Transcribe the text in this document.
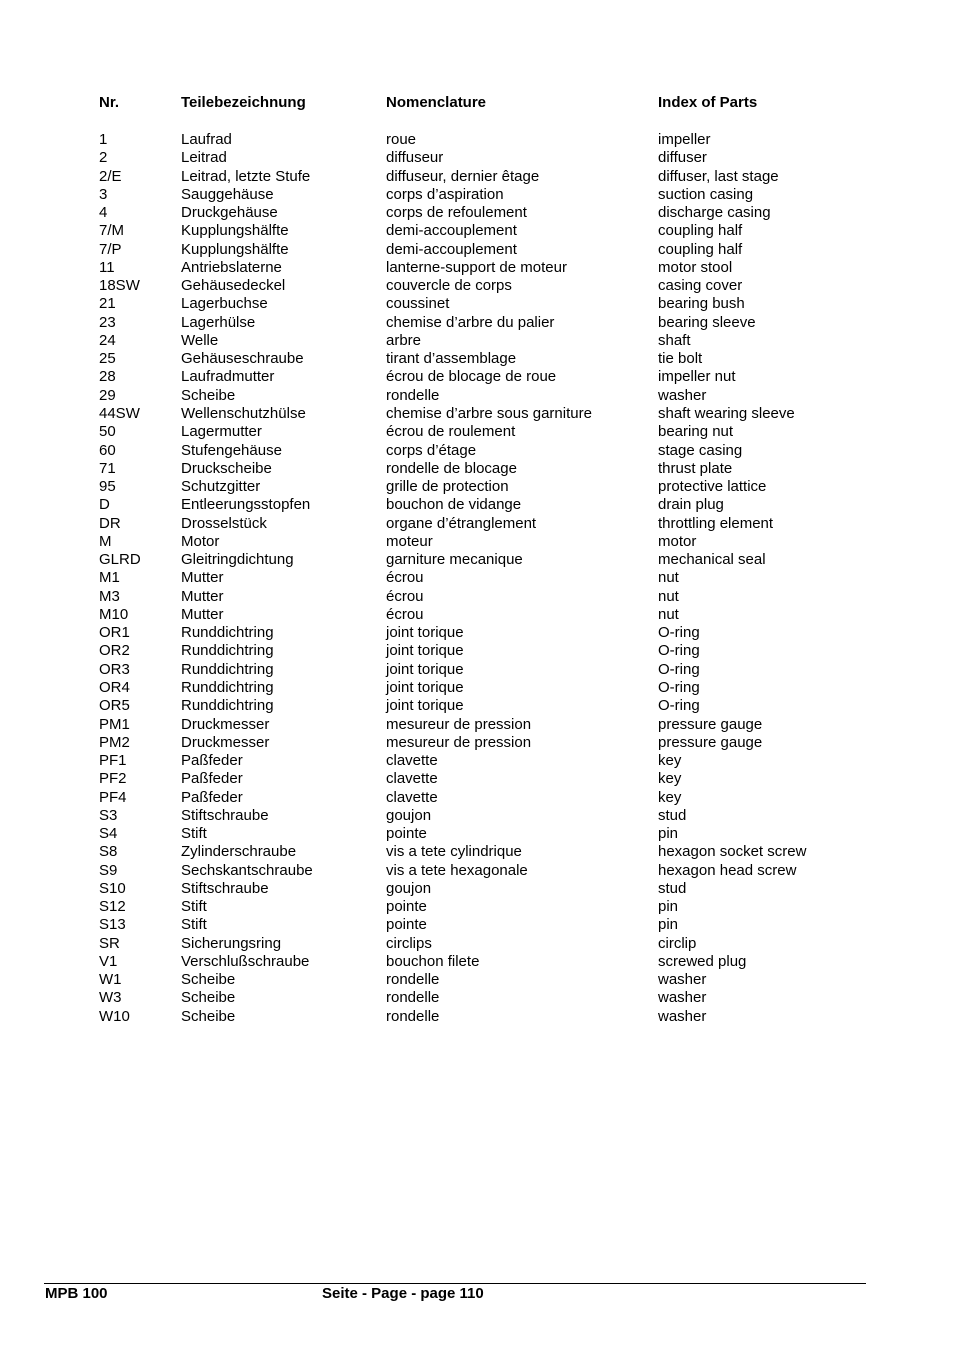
Nr.	Teilebezeichnung	Nomenclature	Index of Parts
1	Laufrad	roue	impeller
2	Leitrad	diffuseur	diffuser
2/E	Leitrad, letzte Stufe	diffuseur, dernier êtage	diffuser, last stage
3	Sauggehäuse	corps d’aspiration	suction casing
4	Druckgehäuse	corps de refoulement	discharge casing
7/M	Kupplungshälfte	demi-accouplement	coupling half
7/P	Kupplungshälfte	demi-accouplement	coupling half
11	Antriebslaterne	lanterne-support de moteur	motor stool
18SW	Gehäusedeckel	couvercle de corps	casing cover
21	Lagerbuchse	coussinet	bearing bush
23	Lagerhülse	chemise d’arbre du palier	bearing sleeve
24	Welle	arbre	shaft
25	Gehäuseschraube	tirant d’assemblage	tie bolt
28	Laufradmutter	écrou de blocage de roue	impeller nut
29	Scheibe	rondelle	washer
44SW	Wellenschutzhülse	chemise d’arbre sous garniture	shaft wearing sleeve
50	Lagermutter	écrou de roulement	bearing nut
60	Stufengehäuse	corps d’étage	stage casing
71	Druckscheibe	rondelle de blocage	thrust plate
95	Schutzgitter	grille de protection	protective lattice
D	Entleerungsstopfen	bouchon de vidange	drain plug
DR	Drosselstück	organe d’étranglement	throttling element
M	Motor	moteur	motor
GLRD	Gleitringdichtung	garniture mecanique	mechanical seal
M1	Mutter	écrou	nut
M3	Mutter	écrou	nut
M10	Mutter	écrou	nut
OR1	Runddichtring	joint torique	O-ring
OR2	Runddichtring	joint torique	O-ring
OR3	Runddichtring	joint torique	O-ring
OR4	Runddichtring	joint torique	O-ring
OR5	Runddichtring	joint torique	O-ring
PM1	Druckmesser	mesureur de pression	pressure gauge
PM2	Druckmesser	mesureur de pression	pressure gauge
PF1	Paßfeder	clavette	key
PF2	Paßfeder	clavette	key
PF4	Paßfeder	clavette	key
S3	Stiftschraube	goujon	stud
S4	Stift	pointe	pin
S8	Zylinderschraube	vis a tete cylindrique	hexagon socket screw
S9	Sechskantschraube	vis a tete hexagonale	hexagon head screw
S10	Stiftschraube	goujon	stud
S12	Stift	pointe	pin
S13	Stift	pointe	pin
SR	Sicherungsring	circlips	circlip
V1	Verschlußschraube	bouchon filete	screwed plug
W1	Scheibe	rondelle	washer
W3	Scheibe	rondelle	washer
W10	Scheibe	rondelle	washer
MPB 100	Seite - Page - page 110
